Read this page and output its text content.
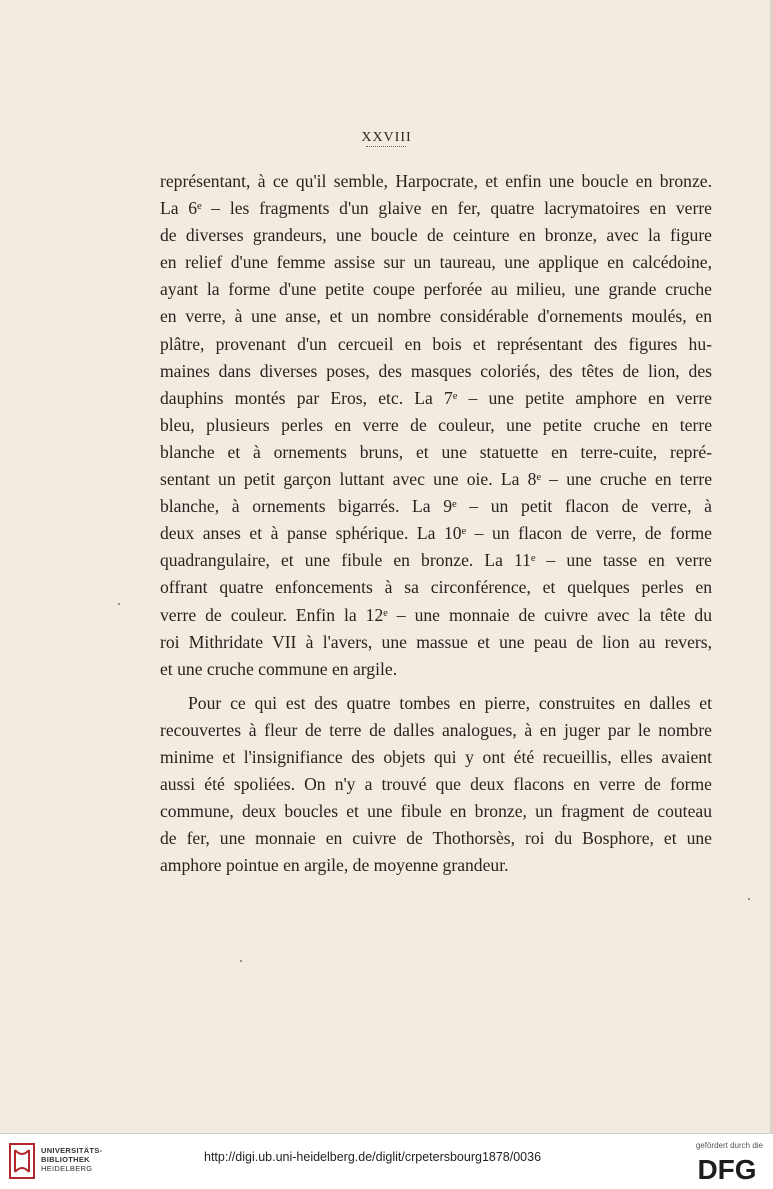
XXVIII
représentant, à ce qu'il semble, Harpocrate, et enfin une boucle en bronze.
La 6ᵉ – les fragments d'un glaive en fer, quatre lacrymatoires en verre
de diverses grandeurs, une boucle de ceinture en bronze, avec la figure
en relief d'une femme assise sur un taureau, une applique en calcédoine,
ayant la forme d'une petite coupe perforée au milieu, une grande cruche
en verre, à une anse, et un nombre considérable d'ornements moulés, en
plâtre, provenant d'un cercueil en bois et représentant des figures hu-
maines dans diverses poses, des masques coloriés, des têtes de lion, des
dauphins montés par Eros, etc. La 7ᵉ – une petite amphore en verre
bleu, plusieurs perles en verre de couleur, une petite cruche en terre
blanche et à ornements bruns, et une statuette en terre-cuite, repré-
sentant un petit garçon luttant avec une oie. La 8ᵉ – une cruche en terre
blanche, à ornements bigarrés. La 9ᵉ – un petit flacon de verre, à
deux anses et à panse sphérique. La 10ᵉ – un flacon de verre, de forme
quadrangulaire, et une fibule en bronze. La 11ᵉ – une tasse en verre
offrant quatre enfoncements à sa circonférence, et quelques perles en
verre de couleur. Enfin la 12ᵉ – une monnaie de cuivre avec la tête du
roi Mithridate VII à l'avers, une massue et une peau de lion au revers,
et une cruche commune en argile.
Pour ce qui est des quatre tombes en pierre, construites en dalles et
recouvertes à fleur de terre de dalles analogues, à en juger par le nombre
minime et l'insignifiance des objets qui y ont été recueillis, elles avaient
aussi été spoliées. On n'y a trouvé que deux flacons en verre de forme
commune, deux boucles et une fibule en bronze, un fragment de couteau
de fer, une monnaie en cuivre de Thothorsès, roi du Bosphore, et une
amphore pointue en argile, de moyenne grandeur.
UNIVERSITÄTS-
BIBLIOTHEK
HEIDELBERG
http://digi.ub.uni-heidelberg.de/diglit/crpetersbourg1878/0036
gefördert durch die
DFG
